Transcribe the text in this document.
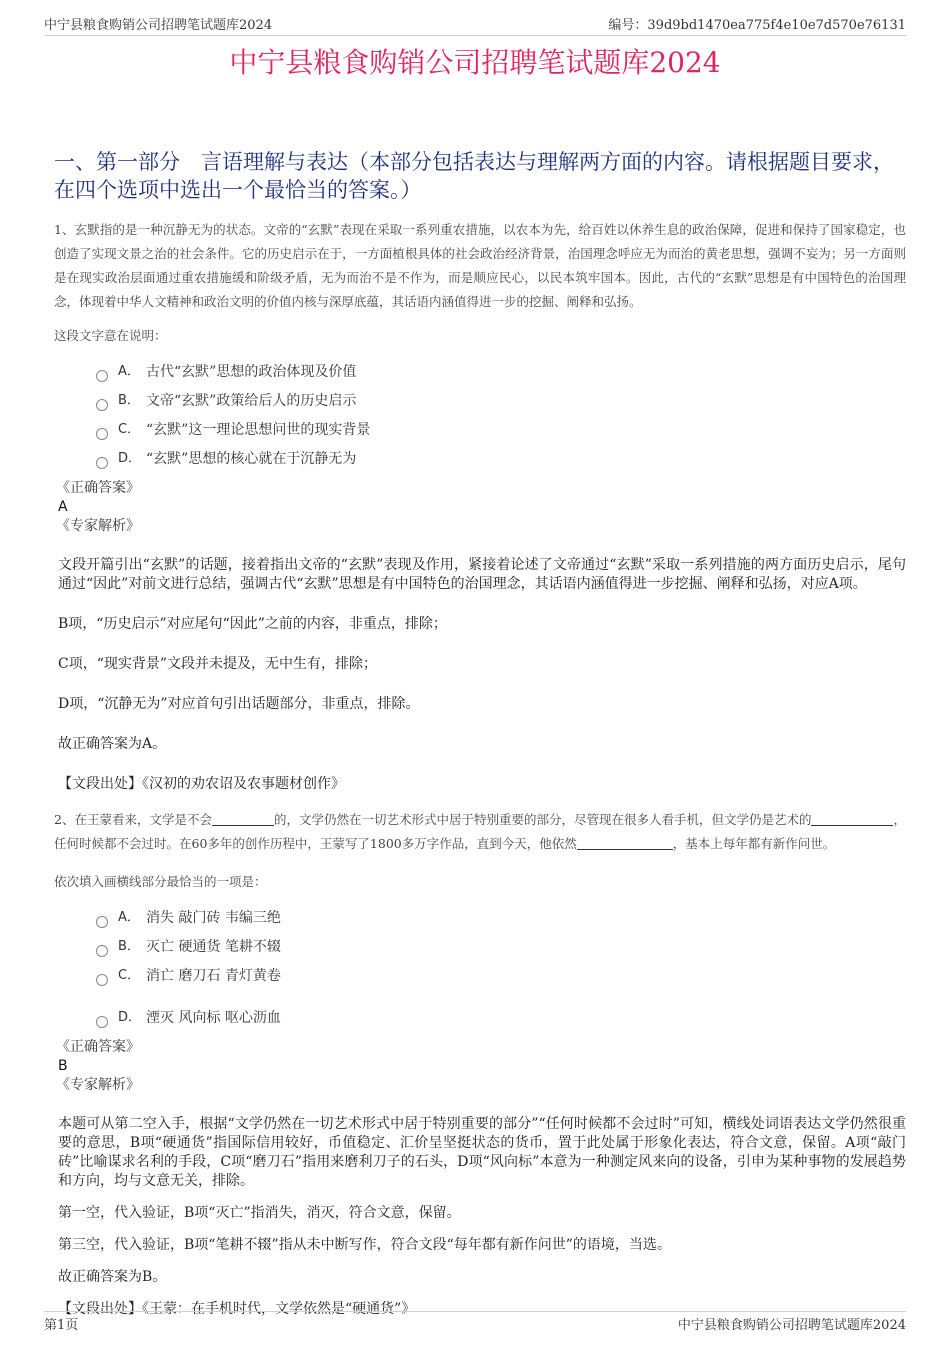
中宁县粮食购销公司招聘笔试题库2024	编号：39d9bd1470ea775f4e10e7d570e76131
中宁县粮食购销公司招聘笔试题库2024
一、第一部分　言语理解与表达（本部分包括表达与理解两方面的内容。请根据题目要求，在四个选项中选出一个最恰当的答案。）
1、玄默指的是一种沉静无为的状态。文帝的“玄默”表现在采取一系列重农措施，以农本为先，给百姓以休养生息的政治保障，促进和保持了国家稳定，也创造了实现文景之治的社会条件。它的历史启示在于，一方面植根具体的社会政治经济背景，治国理念呼应无为而治的黄老思想，强调不妄为；另一方面则是在现实政治层面通过重农措施缓和阶级矛盾，无为而治不是不作为，而是顺应民心，以民本筑牢国本。因此，古代的“玄默”思想是有中国特色的治国理念，体现着中华人文精神和政治文明的价值内核与深厚底蕴，其话语内涵值得进一步的挖掘、阐释和弘扬。
这段文字意在说明：
A． 古代“玄默”思想的政治体现及价值
B． 文帝“玄默”政策给后人的历史启示
C． “玄默”这一理论思想问世的现实背景
D． “玄默”思想的核心就在于沉静无为
《正确答案》
A
《专家解析》
文段开篇引出“玄默”的话题，接着指出文帝的“玄默”表现及作用，紧接着论述了文帝通过“玄默”采取一系列措施的两方面历史启示，尾句通过“因此”对前文进行总结，强调古代“玄默”思想是有中国特色的治国理念，其话语内涵值得进一步挖掘、阐释和弘扬，对应A项。
B项，“历史启示”对应尾句“因此”之前的内容，非重点，排除；
C项，“现实背景”文段并未提及，无中生有，排除；
D项，“沉静无为”对应首句引出话题部分，非重点，排除。
故正确答案为A。
【文段出处】《汉初的劝农诏及农事题材创作》
2、在王蒙看来，文学是不会	的，文学仍然在一切艺术形式中居于特别重要的部分，尽管现在很多人看手机，但文学仍是艺术的	，任何时候都不会过时。在60多年的创作历程中，王蒙写了1800多万字作品，直到今天，他依然	，基本上每年都有新作问世。
依次填入画横线部分最恰当的一项是：
A． 消失 敲门砖 韦编三绝
B． 灭亡 硬通货 笔耕不辍
C． 消亡 磨刀石 青灯黄卷
D． 湮灭 风向标 呕心沥血
《正确答案》
B
《专家解析》
本题可从第二空入手，根据“文学仍然在一切艺术形式中居于特别重要的部分”“任何时候都不会过时”可知，横线处词语表达文学仍然很重要的意思，B项“硬通货”指国际信用较好，币值稳定、汇价呈坚挺状态的货币，置于此处属于形象化表达，符合文意，保留。A项“敲门砖”比喻谋求名利的手段，C项“磨刀石”指用来磨利刀子的石头，D项“风向标”本意为一种测定风来向的设备，引申为某种事物的发展趋势和方向，均与文意无关，排除。
第一空，代入验证，B项“灭亡”指消失，消灭，符合文意，保留。
第三空，代入验证，B项“笔耕不辍”指从未中断写作，符合文段“每年都有新作问世”的语境，当选。
故正确答案为B。
【文段出处】《王蒙：在手机时代，文学依然是“硬通货”》
第1页	中宁县粮食购销公司招聘笔试题库2024
